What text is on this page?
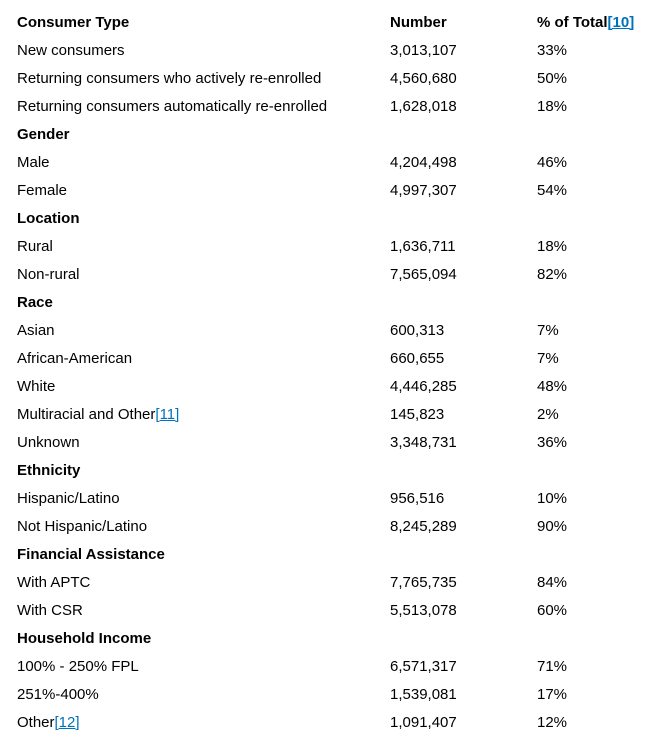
Consumer Type	Number	% of Total[10]
New consumers	3,013,107	33%
Returning consumers who actively re-enrolled	4,560,680	50%
Returning consumers automatically re-enrolled	1,628,018	18%
Gender		
Male	4,204,498	46%
Female	4,997,307	54%
Location		
Rural	1,636,711	18%
Non-rural	7,565,094	82%
Race		
Asian	600,313	7%
African-American	660,655	7%
White	4,446,285	48%
Multiracial and Other[11]	145,823	2%
Unknown	3,348,731	36%
Ethnicity		
Hispanic/Latino	956,516	10%
Not Hispanic/Latino	8,245,289	90%
Financial Assistance		
With APTC	7,765,735	84%
With CSR	5,513,078	60%
Household Income		
100% - 250% FPL	6,571,317	71%
251%-400%	1,539,081	17%
Other[12]	1,091,407	12%
